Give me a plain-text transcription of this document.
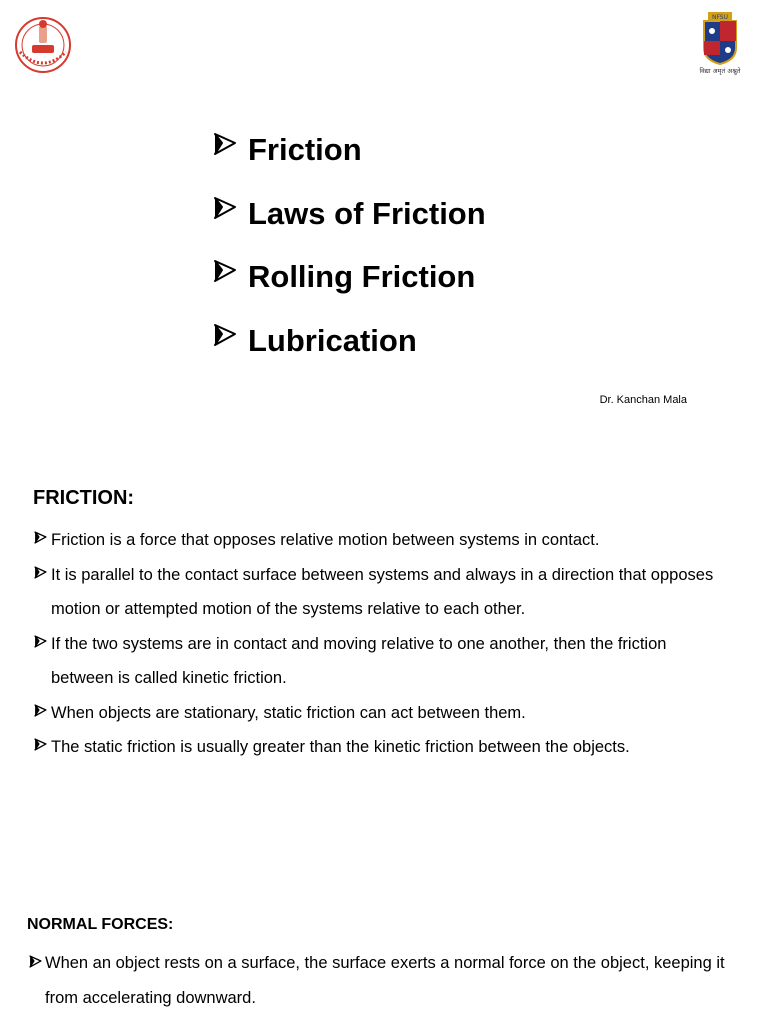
NFSU
विद्या अमृतं अश्नुते
Friction
Laws of Friction
Rolling Friction
Lubrication
Dr. Kanchan Mala
FRICTION:
Friction is a force that opposes relative motion between systems in contact.
It is parallel to the contact surface between systems and always in a direction that opposes motion or attempted motion of the systems relative to each other.
If the two systems are in contact and moving relative to one another, then the friction between is called kinetic friction.
When objects are stationary, static friction can act between them.
The static friction is usually greater than the kinetic friction between the objects.
NORMAL FORCES:
When an object rests on a surface, the surface exerts a normal force on the object, keeping it from accelerating downward.
